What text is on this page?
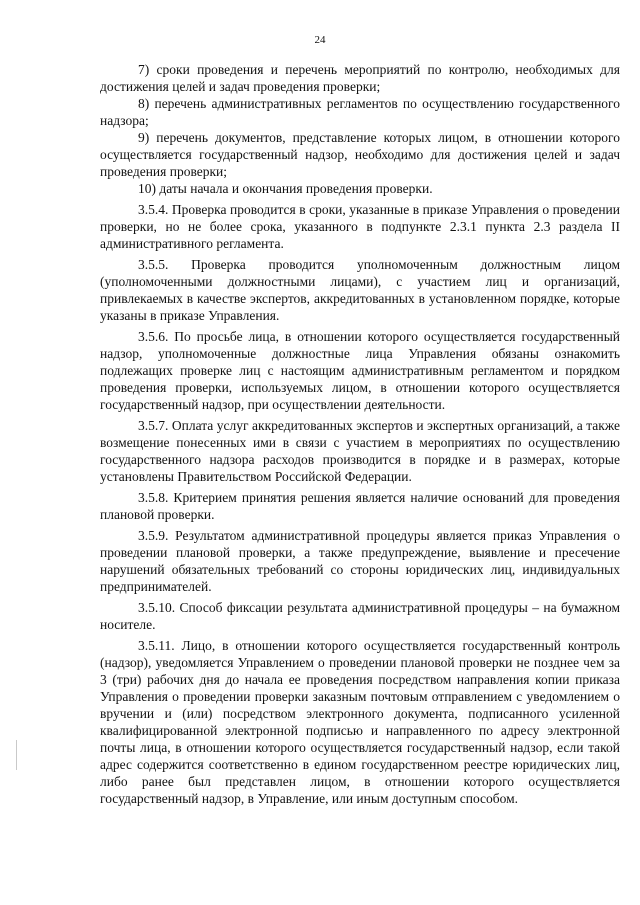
24

7) сроки проведения и перечень мероприятий по контролю, необходимых для достижения целей и задач проведения проверки;

8) перечень административных регламентов по осуществлению государственного надзора;

9) перечень документов, представление которых лицом, в отношении которого осуществляется государственный надзор, необходимо для достижения целей и задач проведения проверки;

10) даты начала и окончания проведения проверки.

3.5.4. Проверка проводится в сроки, указанные в приказе Управления о проведении проверки, но не более срока, указанного в подпункте 2.3.1 пункта 2.3 раздела II административного регламента.

3.5.5. Проверка проводится уполномоченным должностным лицом (уполномоченными должностными лицами), с участием лиц и организаций, привлекаемых в качестве экспертов, аккредитованных в установленном порядке, которые указаны в приказе Управления.

3.5.6. По просьбе лица, в отношении которого осуществляется государственный надзор, уполномоченные должностные лица Управления обязаны ознакомить подлежащих проверке лиц с настоящим административным регламентом и порядком проведения проверки, используемых лицом, в отношении которого осуществляется государственный надзор, при осуществлении деятельности.

3.5.7. Оплата услуг аккредитованных экспертов и экспертных организаций, а также возмещение понесенных ими в связи с участием в мероприятиях по осуществлению государственного надзора расходов производится в порядке и в размерах, которые установлены Правительством Российской Федерации.

3.5.8. Критерием принятия решения является наличие оснований для проведения плановой проверки.

3.5.9. Результатом административной процедуры является приказ Управления о проведении плановой проверки, а также предупреждение, выявление и пресечение нарушений обязательных требований со стороны юридических лиц, индивидуальных предпринимателей.

3.5.10. Способ фиксации результата административной процедуры – на бумажном носителе.

3.5.11. Лицо, в отношении которого осуществляется государственный контроль (надзор), уведомляется Управлением о проведении плановой проверки не позднее чем за 3 (три) рабочих дня до начала ее проведения посредством направления копии приказа Управления о проведении проверки заказным почтовым отправлением с уведомлением о вручении и (или) посредством электронного документа, подписанного усиленной квалифицированной электронной подписью и направленного по адресу электронной почты лица, в отношении которого осуществляется государственный надзор, если такой адрес содержится соответственно в едином государственном реестре юридических лиц, либо ранее был представлен лицом, в отношении которого осуществляется государственный надзор, в Управление, или иным доступным способом.
